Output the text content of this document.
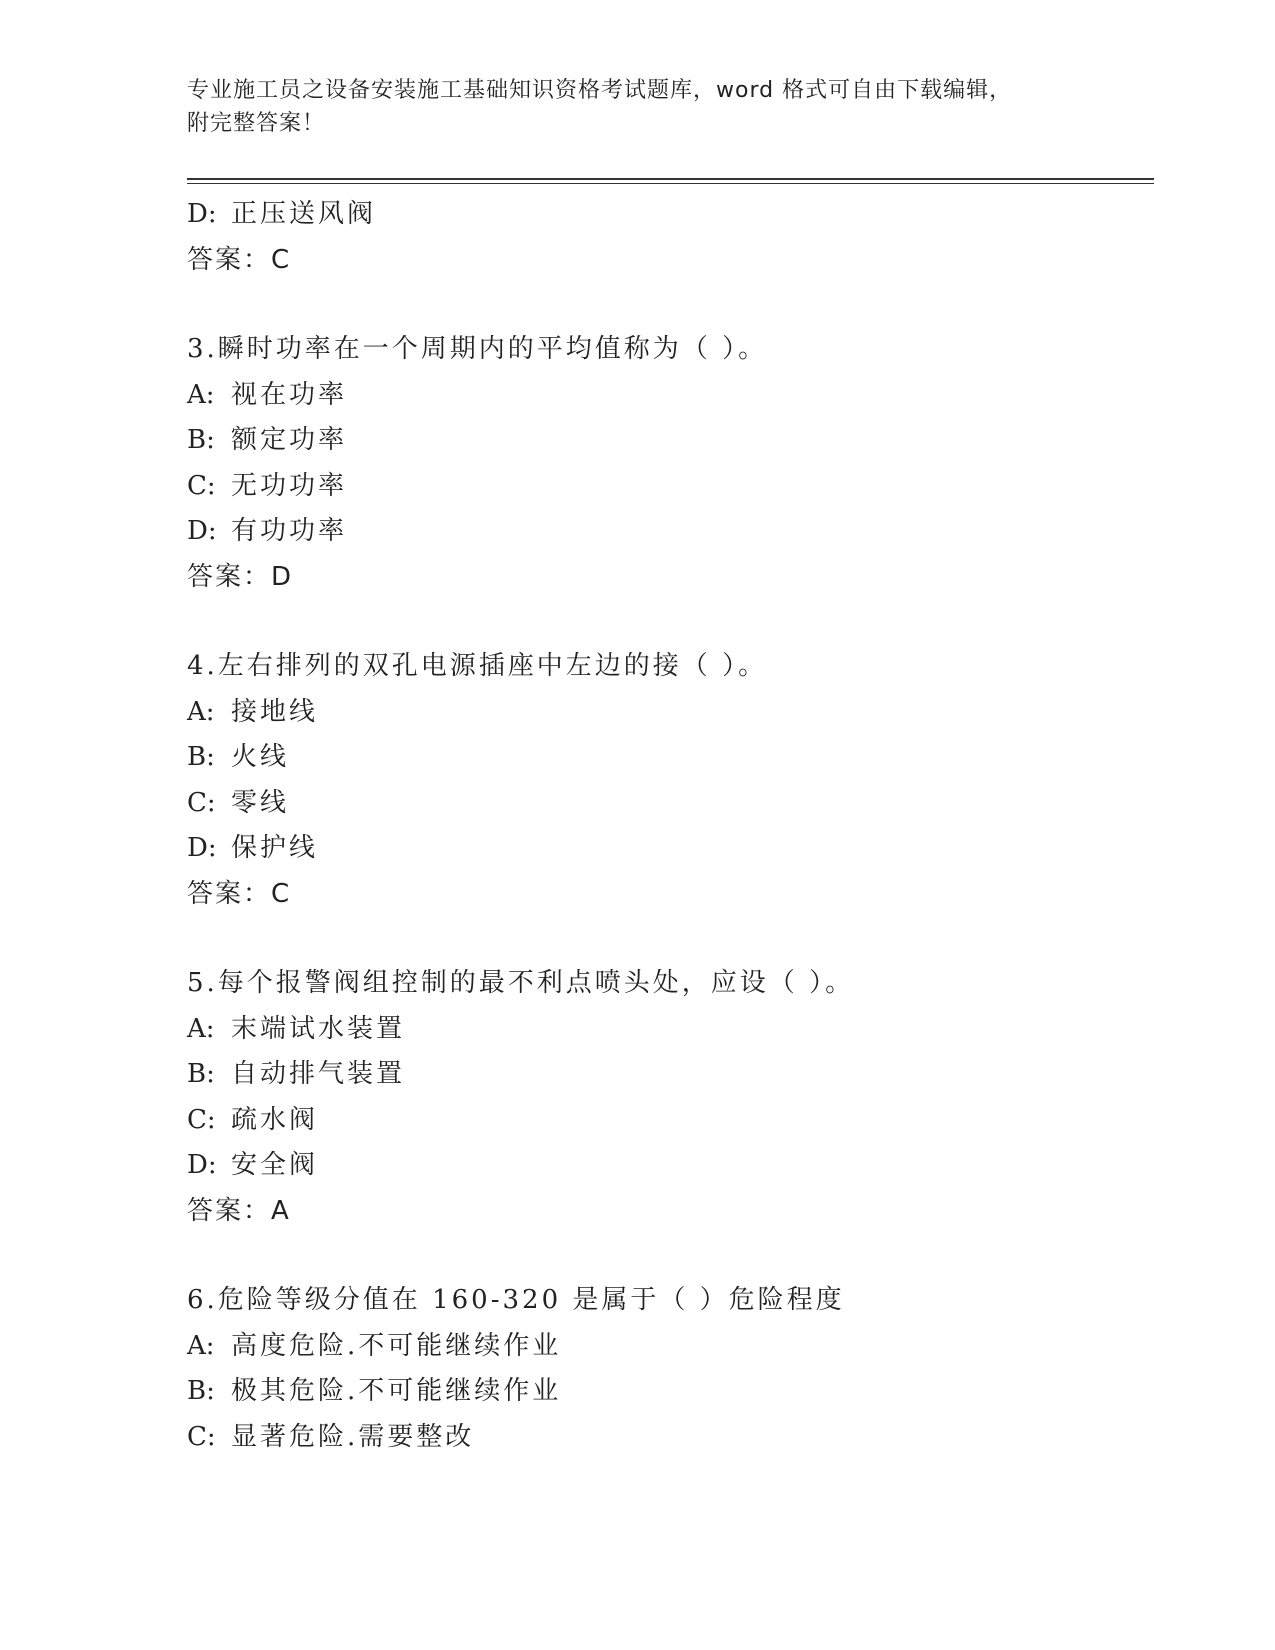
专业施工员之设备安装施工基础知识资格考试题库，word 格式可自由下载编辑，
附完整答案！
D: 正压送风阀
答案：C
3.瞬时功率在一个周期内的平均值称为（ ）。
A: 视在功率
B: 额定功率
C: 无功功率
D: 有功功率
答案：D
4.左右排列的双孔电源插座中左边的接（ ）。
A: 接地线
B: 火线
C: 零线
D: 保护线
答案：C
5.每个报警阀组控制的最不利点喷头处，应设（ ）。
A: 末端试水装置
B: 自动排气装置
C: 疏水阀
D: 安全阀
答案：A
6.危险等级分值在 160-320 是属于（ ）危险程度
A: 高度危险.不可能继续作业
B: 极其危险.不可能继续作业
C: 显著危险.需要整改
